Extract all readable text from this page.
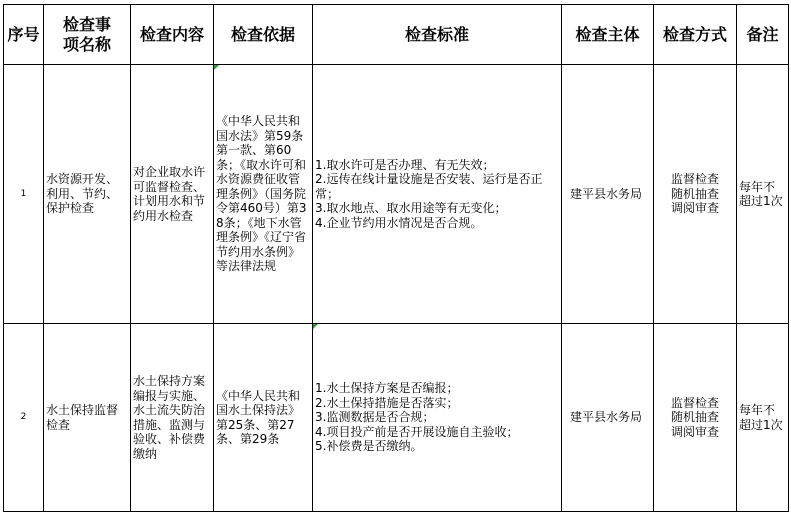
序号	检查事项名称	检查内容	检查依据	检查标准	检查主体	检查方式	备注
1	水资源开发、利用、节约、保护检查	对企业取水许可监督检查、计划用水和节约用水检查	《中华人民共和国水法》第59条第一款、第60条；《取水许可和水资源费征收管理条例》（国务院令第460号）第38条；《地下水管理条例》《辽宁省节约用水条例》等法律法规	1.取水许可是否办理、有无失效；
2.远传在线计量设施是否安装、运行是否正常；
3.取水地点、取水用途等有无变化；
4.企业节约用水情况是否合规。	建平县水务局	监督检查随机抽查调阅审查	每年不超过1次

2	水土保持监督检查	水土保持方案编报与实施、水土流失防治措施、监测与验收、补偿费缴纳	《中华人民共和国水土保持法》第25条、第27条、第29条	1.水土保持方案是否编报；
2.水土保持措施是否落实；
3.监测数据是否合规；
4.项目投产前是否开展设施自主验收；
5.补偿费是否缴纳。	建平县水务局	监督检查随机抽查调阅审查	每年不超过1次
